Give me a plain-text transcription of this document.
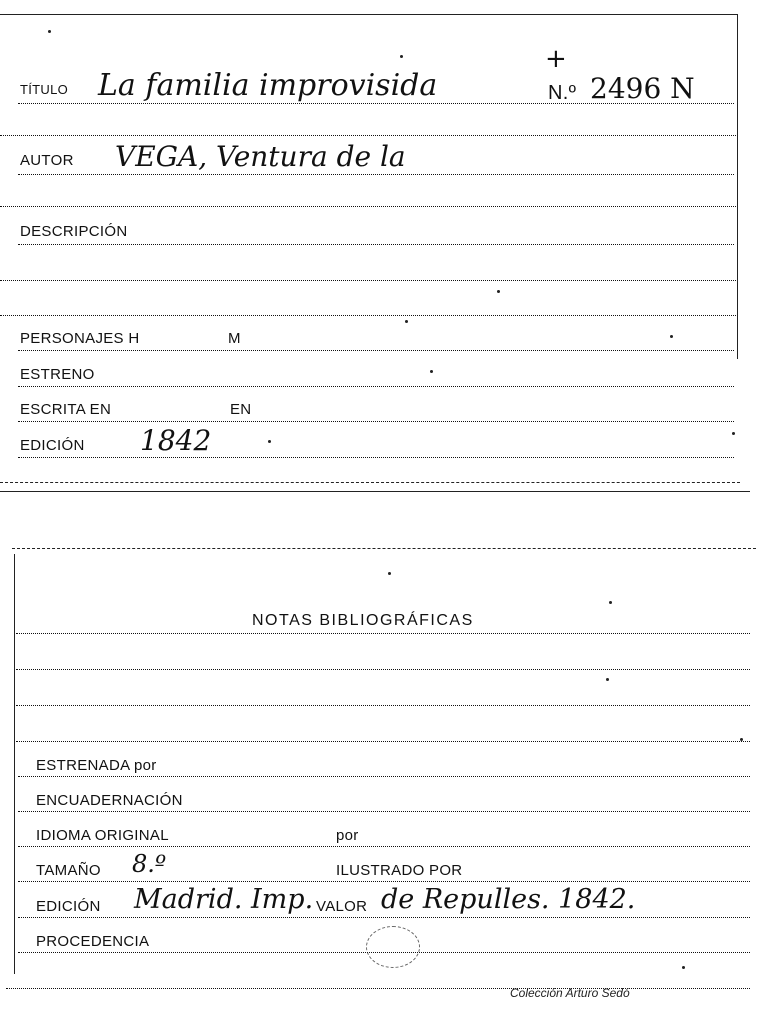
TÍTULO La familia improvisida
+
N.º 2496 N
AUTOR VEGA, Ventura de la
DESCRIPCIÓN
PERSONAJES H	M
ESTRENO
ESCRITA EN	EN
EDICIÓN 1842
NOTAS BIBLIOGRÁFICAS
ESTRENADA por
ENCUADERNACIÓN
IDIOMA ORIGINAL	por
TAMAÑO 8.º	ILUSTRADO POR
EDICIÓN Madrid. Imp. VALOR de Repulles. 1842.
PROCEDENCIA
Colección Arturo Sedó
